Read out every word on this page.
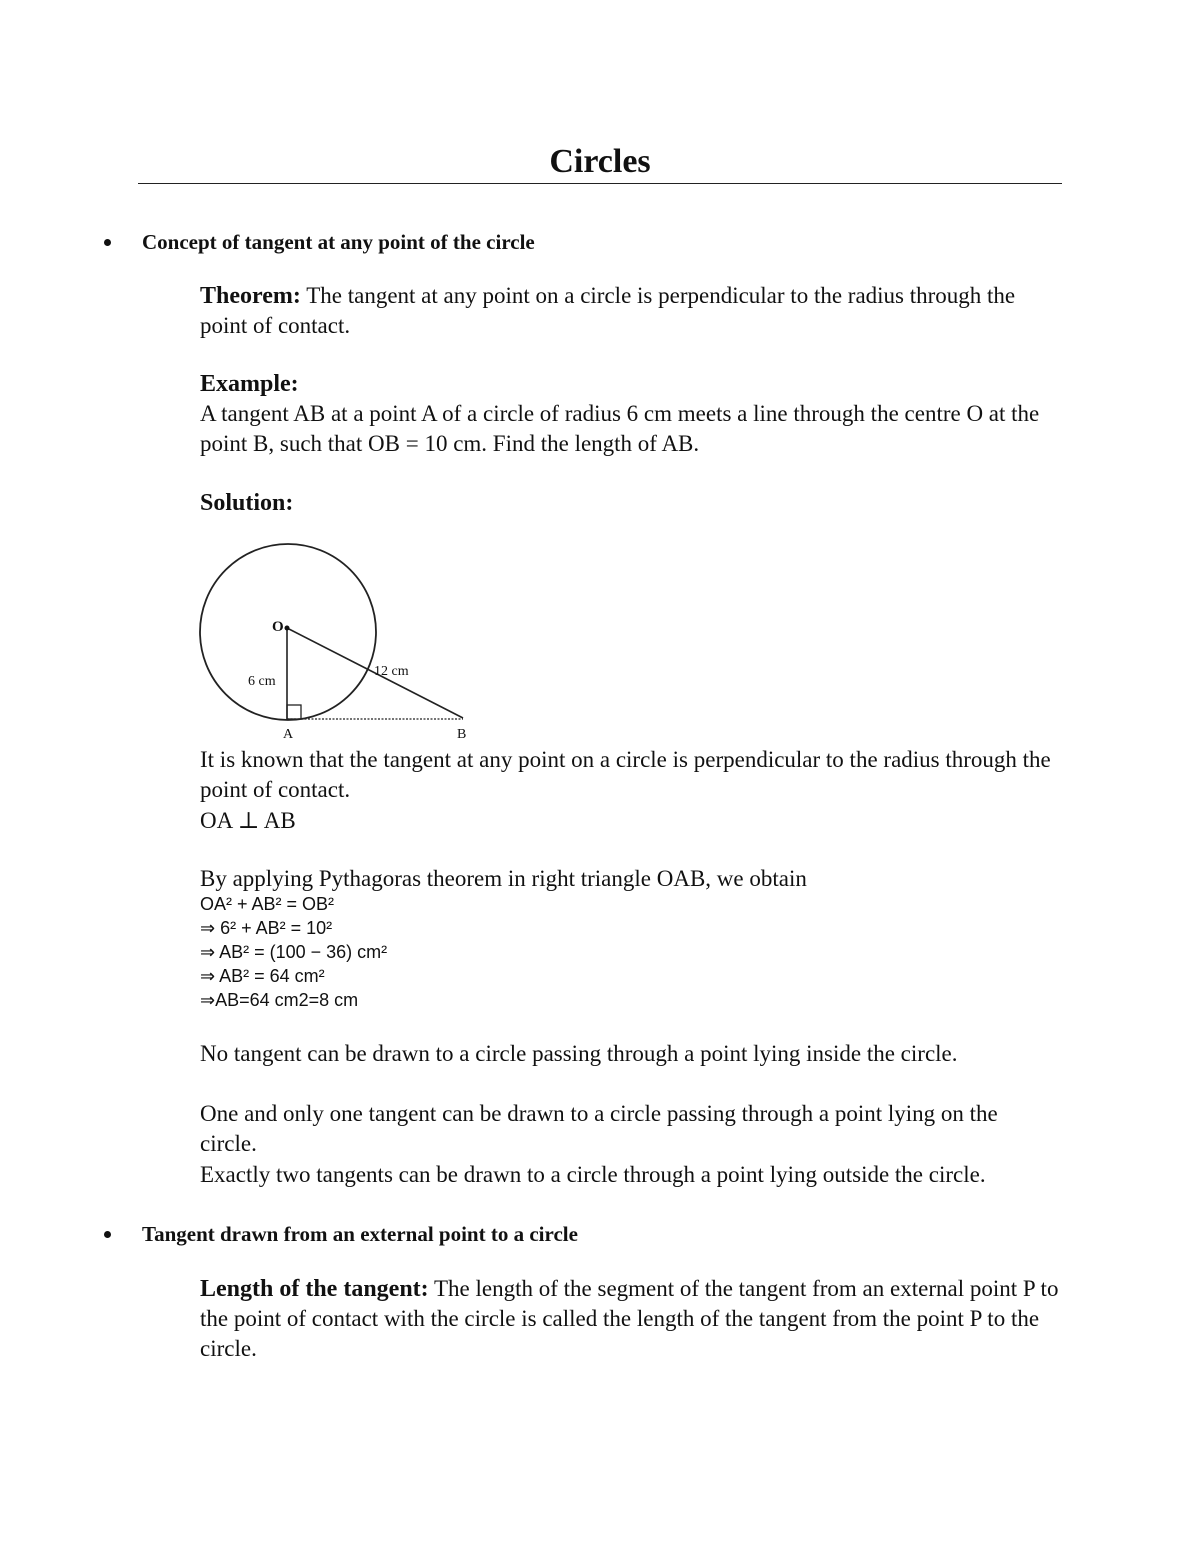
Circles
Concept of tangent at any point of the circle
Theorem: The tangent at any point on a circle is perpendicular to the radius through the point of contact.
Example:
A tangent AB at a point A of a circle of radius 6 cm meets a line through the centre O at the point B, such that OB = 10 cm. Find the length of AB.
Solution:
O
6 cm
12 cm
A	B
It is known that the tangent at any point on a circle is perpendicular to the radius through the point of contact.
OA ⊥ AB
By applying Pythagoras theorem in right triangle OAB, we obtain
OA² + AB² = OB²
⇒ 6² + AB² = 10²
⇒ AB² = (100 − 36) cm²
⇒ AB² = 64 cm²
⇒AB=64 cm2=8 cm
No tangent can be drawn to a circle passing through a point lying inside the circle.
One and only one tangent can be drawn to a circle passing through a point lying on the circle.
Exactly two tangents can be drawn to a circle through a point lying outside the circle.
Tangent drawn from an external point to a circle
Length of the tangent: The length of the segment of the tangent from an external point P to the point of contact with the circle is called the length of the tangent from the point P to the circle.
